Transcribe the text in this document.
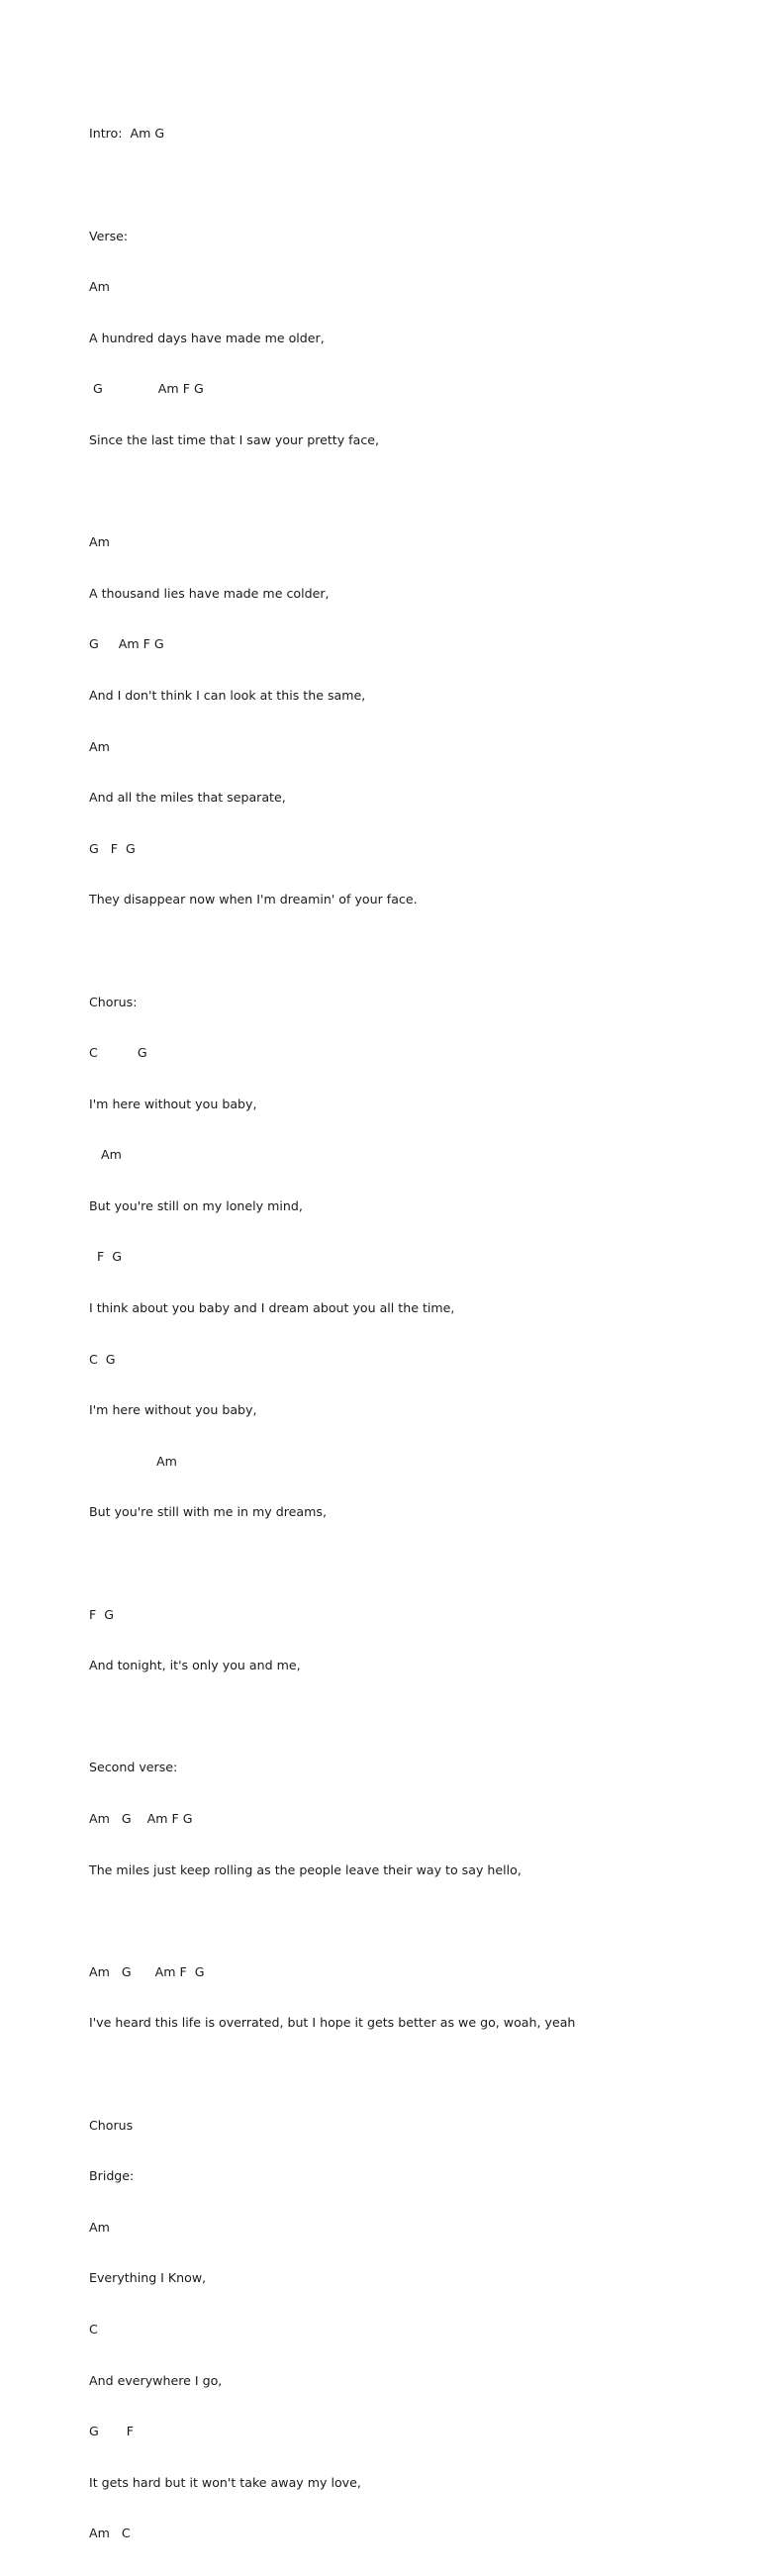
Intro:  Am G

Verse:

Am

A hundred days have made me older,

G              Am F G

Since the last time that I saw your pretty face,

Am

A thousand lies have made me colder,

G     Am F G

And I don't think I can look at this the same,

Am

And all the miles that separate,

G   F  G

They disappear now when I'm dreamin' of your face.

Chorus:

C          G

I'm here without you baby,

Am

But you're still on my lonely mind,

F  G

I think about you baby and I dream about you all the time,

C  G

I'm here without you baby,

Am

But you're still with me in my dreams,

F  G

And tonight, it's only you and me,

Second verse:

Am   G    Am F G

The miles just keep rolling as the people leave their way to say hello,

Am   G      Am F  G

I've heard this life is overrated, but I hope it gets better as we go, woah, yeah

Chorus

Bridge:

Am

Everything I Know,

C

And everywhere I go,

G       F

It gets hard but it won't take away my love,

Am   C
